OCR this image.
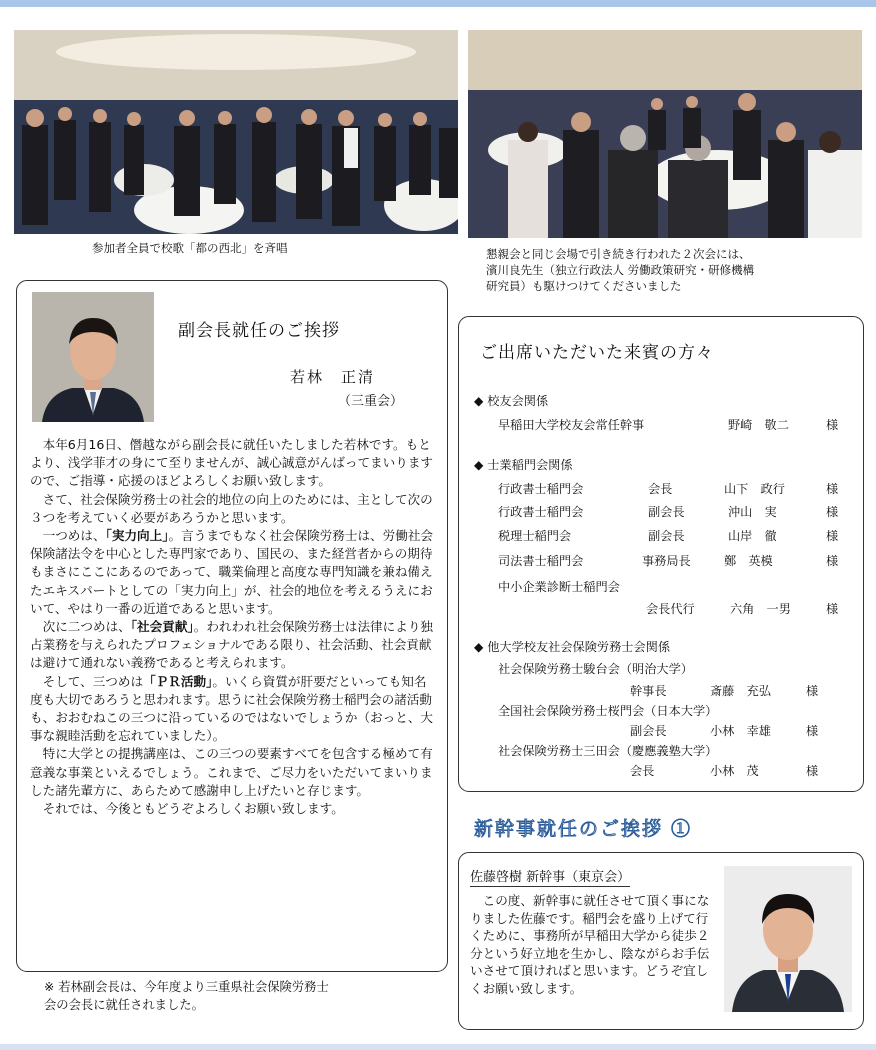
参加者全員で校歌「都の西北」を斉唱	懇親会と同じ会場で引き続き行われた２次会には、
濱川良先生（独立行政法人 労働政策研究・研修機構
研究員）も駆けつけてくださいました
副会長就任のご挨拶
若林　正清
（三重会）

本年6月16日、僭越ながら副会長に就任いたしました若林です。もとより、浅学菲才の身にて至りませんが、誠心誠意がんばってまいりますので、ご指導・応援のほどよろしくお願い致します。

さて、社会保険労務士の社会的地位の向上のためには、主として次の３つを考えていく必要があろうかと思います。

一つめは、「実力向上」。言うまでもなく社会保険労務士は、労働社会保険諸法令を中心とした専門家であり、国民の、また経営者からの期待もまさにここにあるのであって、職業倫理と高度な専門知識を兼ね備えたエキスパートとしての「実力向上」が、社会的地位を考えるうえにおいて、やはり一番の近道であると思います。

次に二つめは、「社会貢献」。われわれ社会保険労務士は法律により独占業務を与えられたプロフェショナルである限り、社会活動、社会貢献は避けて通れない義務であると考えられます。

そして、三つめは「ＰＲ活動」。いくら資質が肝要だといっても知名度も大切であろうと思われます。思うに社会保険労務士稲門会の諸活動も、おおむねこの三つに沿っているのではないでしょうか（おっと、大事な親睦活動を忘れていました）。

特に大学との提携講座は、この三つの要素すべてを包含する極めて有意義な事業といえるでしょう。これまで、ご尽力をいただいてまいりました諸先輩方に、あらためて感謝申し上げたいと存じます。

それでは、今後ともどうぞよろしくお願い致します。

※ 若林副会長は、今年度より三重県社会保険労務士
会の会長に就任されました。
ご出席いただいた来賓の方々
◆ 校友会関係
◆ 士業稲門会関係
◆ 他大学校友社会保険労務士会関係
早稲田大学校友会常任幹事	野崎　敬二	様
行政書士稲門会	会長	山下　政行	様
行政書士稲門会	副会長	沖山　実	様
税理士稲門会	副会長	山岸　徹	様
司法書士稲門会	事務局長	鄭　英模	様
中小企業診断士稲門会
会長代行	六角　一男	様
社会保険労務士駿台会（明治大学）
幹事長	斎藤　充弘	様
全国社会保険労務士桜門会（日本大学）
副会長	小林　幸雄	様
社会保険労務士三田会（慶應義塾大学）
会長	小林　茂	様
新幹事就任のご挨拶 ①
佐藤啓樹 新幹事（東京会）

この度、新幹事に就任させて頂く事になりました佐藤です。稲門会を盛り上げて行くために、事務所が早稲田大学から徒歩２分という好立地を生かし、陰ながらお手伝いさせて頂ければと思います。どうぞ宜しくお願い致します。
